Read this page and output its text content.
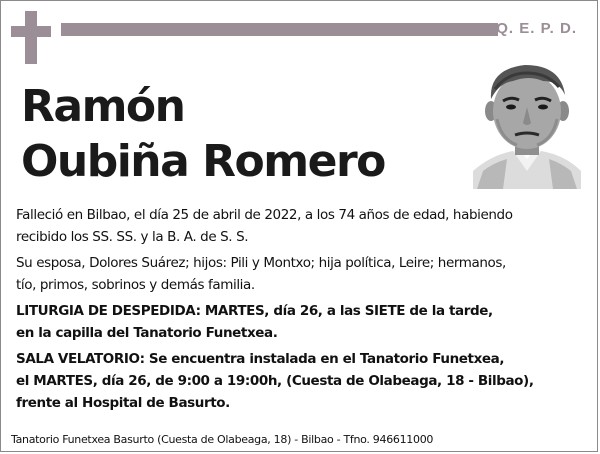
Q. E. P. D.
Ramón
Oubiña Romero

Falleció en Bilbao, el día 25 de abril de 2022, a los 74 años de edad, habiendo
recibido los SS. SS. y la B. A. de S. S.

Su esposa, Dolores Suárez; hijos: Pili y Montxo; hija política, Leire; hermanos,
tío, primos, sobrinos y demás familia.

LITURGIA DE DESPEDIDA: MARTES, día 26, a las SIETE de la tarde,
en la capilla del Tanatorio Funetxea.

SALA VELATORIO: Se encuentra instalada en el Tanatorio Funetxea,
el MARTES, día 26, de 9:00 a 19:00h, (Cuesta de Olabeaga, 18 - Bilbao),
frente al Hospital de Basurto.

Tanatorio Funetxea Basurto (Cuesta de Olabeaga, 18) - Bilbao - Tfno. 946611000
